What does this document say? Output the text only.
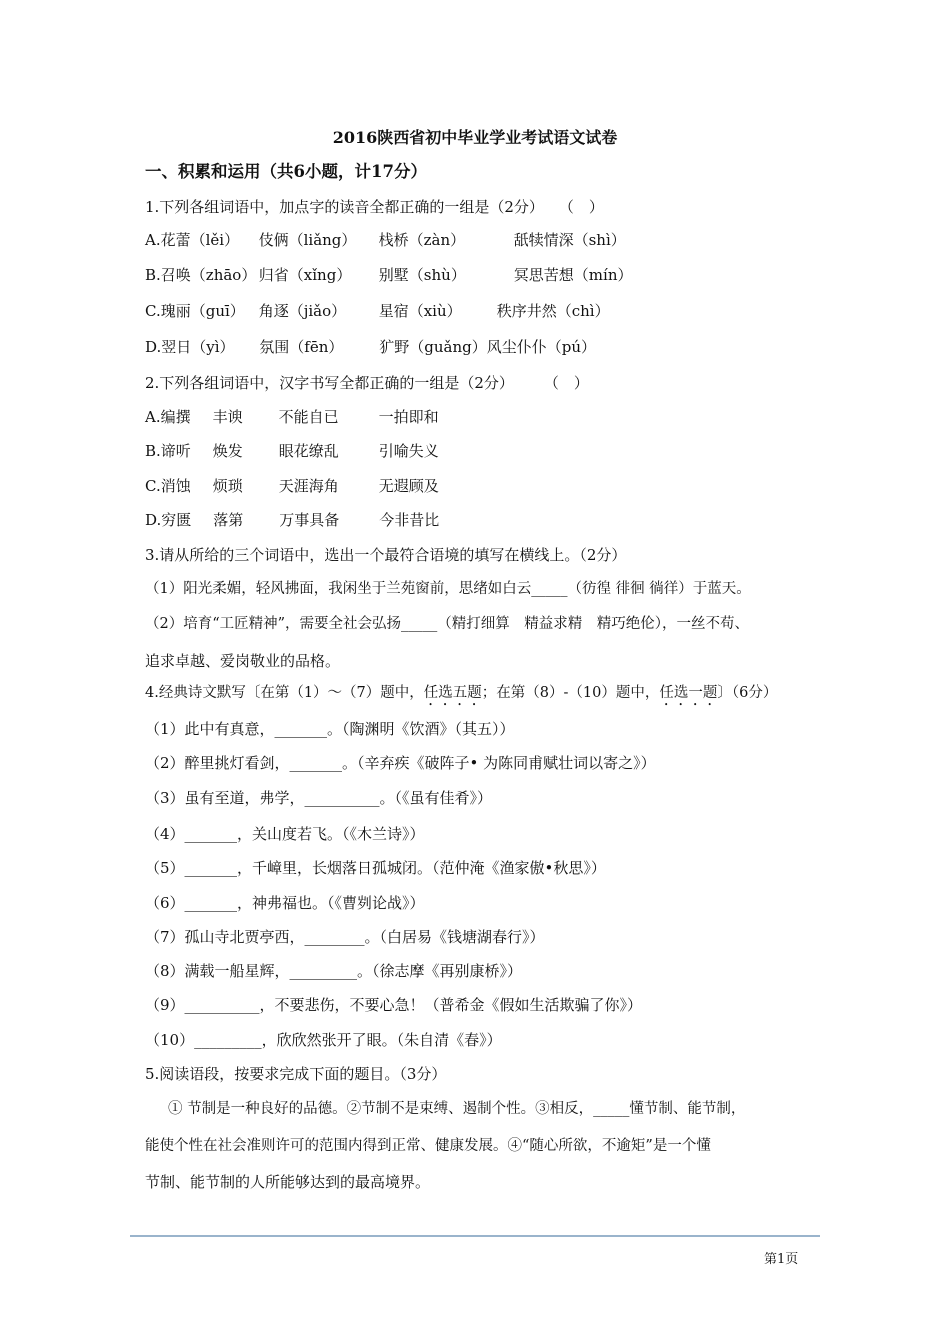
2016陕西省初中毕业学业考试语文试卷
一、积累和运用（共6小题，计17分）
1.下列各组词语中，加点字的读音全都正确的一组是（2分）　　（　）
A.花蕾（lěi） 伎俩（liǎng） 栈桥（zàn）	舐犊情深（shì）
B.召唤（zhāo） 归省（xǐng） 别墅（shù）	冥思苦想（mín）
C.瑰丽（guī） 角逐（jiǎo） 星宿（xiù） 秩序井然（chì）
D.翌日（yì） 氛围（fēn） 犷野（guǎng）风尘仆仆（pú）
2.下列各组词语中，汉字书写全都正确的一组是（2分）　　　（　）
A.编撰 丰谀 不能自已	一拍即和
B.谛听 焕发 眼花缭乱	引喻失义
C.消蚀 烦琐 天涯海角	无遐顾及
D.穷匮 落第 万事具备	今非昔比
3.请从所给的三个词语中，选出一个最符合语境的填写在横线上。（2分）
（1）阳光柔媚，轻风拂面，我闲坐于兰苑窗前，思绪如白云_____（彷徨 徘徊 徜徉）于蓝天。
（2）培育“工匠精神”，需要全社会弘扬_____（精打细算　精益求精　精巧绝伦），一丝不苟、
追求卓越、爱岗敬业的品格。
4.经典诗文默写〔在第（1）～（7）题中，任选五题；在第（8）-（10）题中，任选一题〕（6分）
（1）此中有真意，_______。（陶渊明《饮酒》（其五））
（2）醉里挑灯看剑，_______。（辛弃疾《破阵子• 为陈同甫赋壮词以寄之》）
（3）虽有至道，弗学，__________。（《虽有佳肴》）
（4）_______，关山度若飞。（《木兰诗》）
（5）_______，千嶂里，长烟落日孤城闭。（范仲淹《渔家傲•秋思》）
（6）_______，神弗福也。（《曹刿论战》）
（7）孤山寺北贾亭西，________。（白居易《钱塘湖春行》）
（8）满载一船星辉，_________。（徐志摩《再别康桥》）
（9）__________，不要悲伤，不要心急！（普希金《假如生活欺骗了你》）
（10）_________，欣欣然张开了眼。（朱自清《春》）
5.阅读语段，按要求完成下面的题目。（3分）
① 节制是一种良好的品德。②节制不是束缚、遏制个性。③相反，_____懂节制、能节制，
能使个性在社会准则许可的范围内得到正常、健康发展。④“随心所欲，不逾矩”是一个懂
节制、能节制的人所能够达到的最高境界。
第1页
